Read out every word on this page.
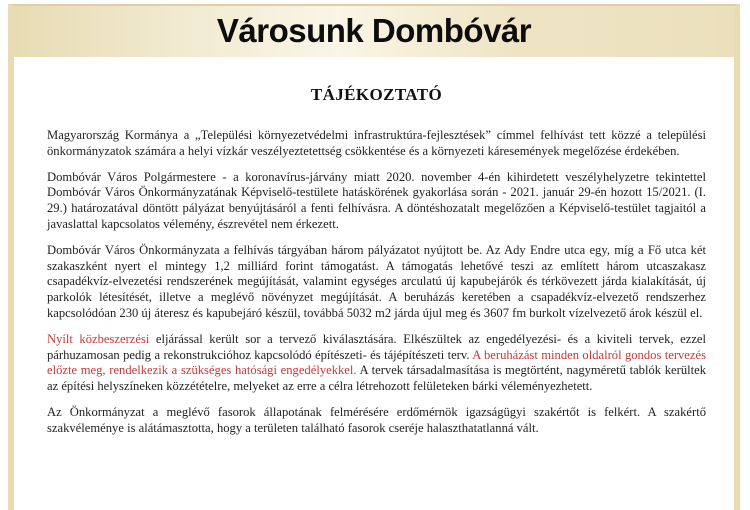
Városunk Dombóvár
TÁJÉKOZTATÓ

Magyarország Kormánya a „Települési környezetvédelmi infrastruktúra-fejlesztések” címmel felhívást tett közzé a települési önkormányzatok számára a helyi vízkár veszélyeztetettség csökkentése és a környezeti káresemények megelőzése érdekében.

Dombóvár Város Polgármestere - a koronavírus-járvány miatt 2020. november 4-én kihirdetett veszélyhelyzetre tekintettel Dombóvár Város Önkormányzatának Képviselő-testülete hatáskörének gyakorlása során - 2021. január 29-én hozott 15/2021. (I. 29.) határozatával döntött pályázat benyújtásáról a fenti felhívásra. A döntéshozatalt megelőzően a Képviselő-testület tagjaitól a javaslattal kapcsolatos vélemény, észrevétel nem érkezett.

Dombóvár Város Önkormányzata a felhívás tárgyában három pályázatot nyújtott be. Az Ady Endre utca egy, míg a Fő utca két szakaszként nyert el mintegy 1,2 milliárd forint támogatást. A támogatás lehetővé teszi az említett három utcaszakasz csapadékvíz-elvezetési rendszerének megújítását, valamint egységes arculatú új kapubejárók és térkövezett járda kialakítását, új parkolók létesítését, illetve a meglévő növényzet megújítását. A beruházás keretében a csapadékvíz-elvezető rendszerhez kapcsolódóan 230 új áteresz és kapubejáró készül, továbbá 5032 m2 járda újul meg és 3607 fm burkolt vízelvezető árok készül el.

Nyílt közbeszerzési eljárással került sor a tervező kiválasztására. Elkészültek az engedélyezési- és a kiviteli tervek, ezzel párhuzamosan pedig a rekonstrukcióhoz kapcsolódó építészeti- és tájépítészeti terv. A beruházást minden oldalról gondos tervezés előzte meg, rendelkezik a szükséges hatósági engedélyekkel. A tervek társadalmasítása is megtörtént, nagyméretű tablók kerültek az építési helyszíneken közzétételre, melyeket az erre a célra létrehozott felületeken bárki véleményezhetett.

Az Önkormányzat a meglévő fasorok állapotának felmérésére erdőmérnök igazságügyi szakértőt is felkért. A szakértő szakvéleménye is alátámasztotta, hogy a területen található fasorok cseréje halaszthatatlanná vált.
